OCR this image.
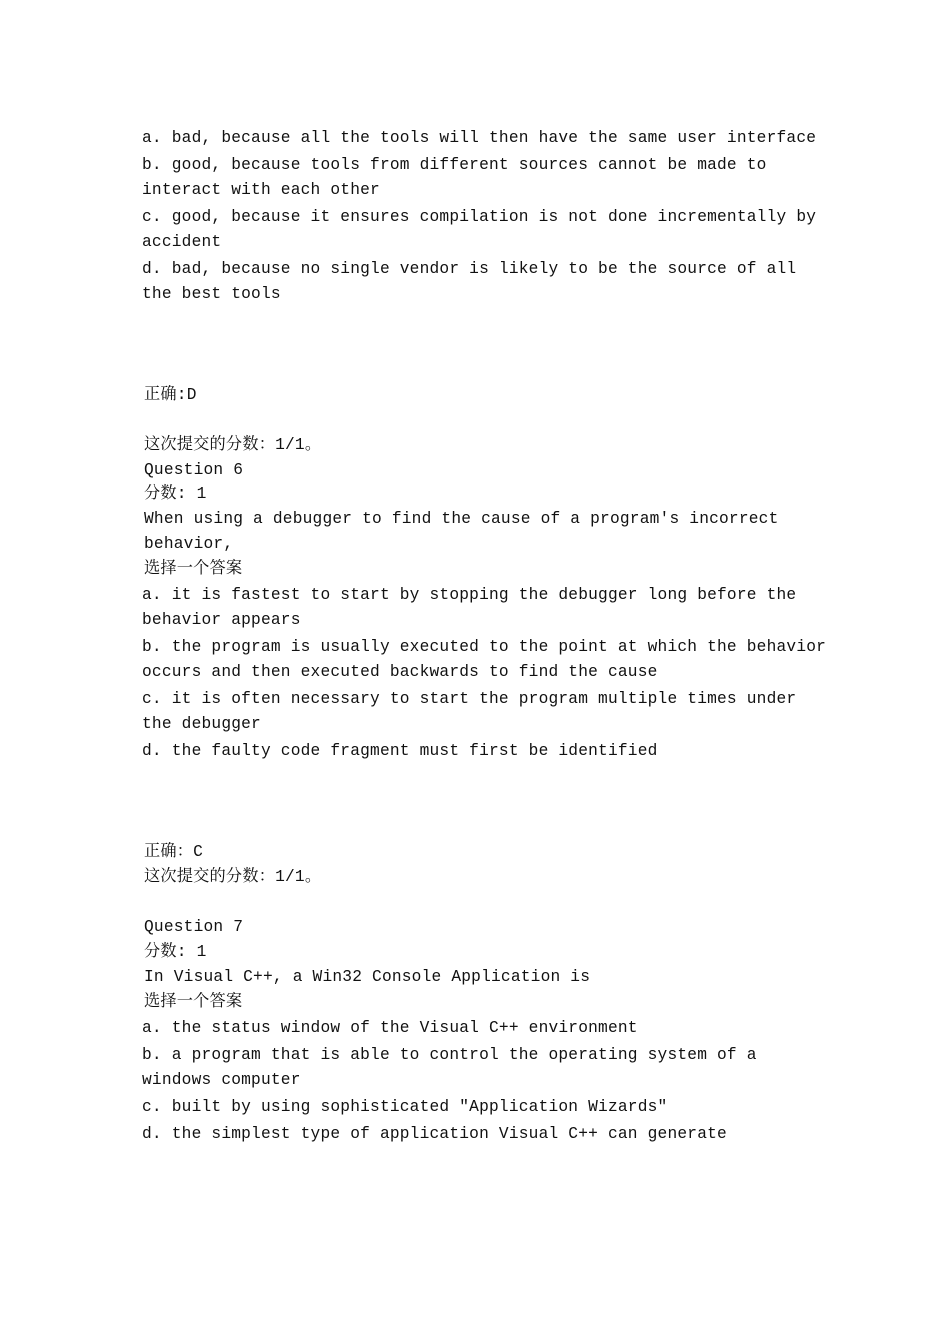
a. bad, because all the tools will then have the same user interface

b. good, because tools from different sources cannot be made to

interact with each other

c. good, because it ensures compilation is not done incrementally by

accident

d. bad, because no single vendor is likely to be the source of all

the best tools

正确:D

这次提交的分数：1/1。

Question 6

分数: 1

When using a debugger to find the cause of a program's incorrect

behavior,

选择一个答案

a. it is fastest to start by stopping the debugger long before the

behavior appears

b. the program is usually executed to the point at which the behavior

occurs and then executed backwards to find the cause

c. it is often necessary to start the program multiple times under

the debugger

d. the faulty code fragment must first be identified

正确：C

这次提交的分数：1/1。

Question 7

分数: 1

In Visual C++, a Win32 Console Application is

选择一个答案

a. the status window of the Visual C++ environment

b. a program that is able to control the operating system of a

windows computer

c. built by using sophisticated "Application Wizards"

d. the simplest type of application Visual C++ can generate
